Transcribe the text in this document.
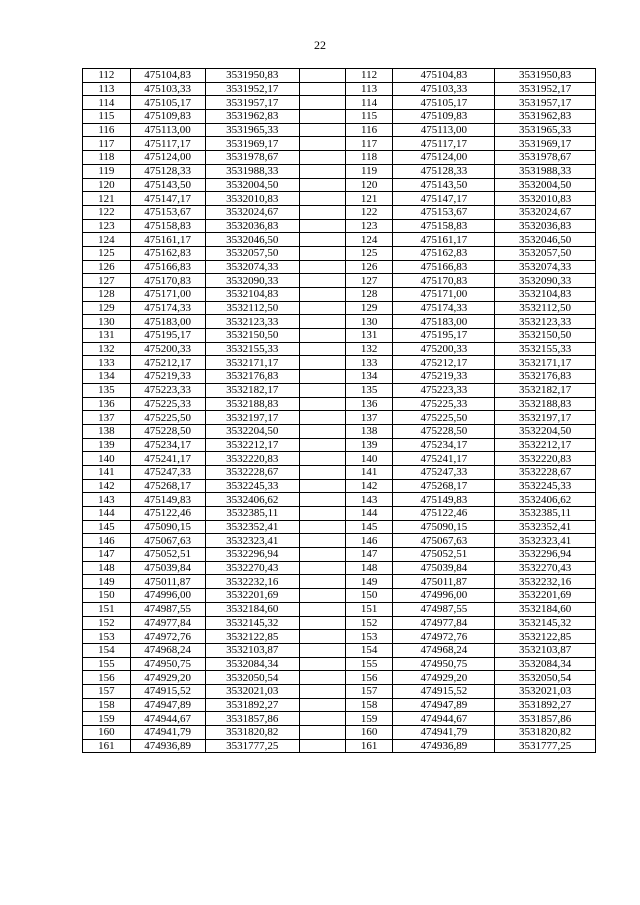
22
112	475104,83	3531950,83		112	475104,83	3531950,83
113	475103,33	3531952,17		113	475103,33	3531952,17
114	475105,17	3531957,17		114	475105,17	3531957,17
115	475109,83	3531962,83		115	475109,83	3531962,83
116	475113,00	3531965,33		116	475113,00	3531965,33
117	475117,17	3531969,17		117	475117,17	3531969,17
118	475124,00	3531978,67		118	475124,00	3531978,67
119	475128,33	3531988,33		119	475128,33	3531988,33
120	475143,50	3532004,50		120	475143,50	3532004,50
121	475147,17	3532010,83		121	475147,17	3532010,83
122	475153,67	3532024,67		122	475153,67	3532024,67
123	475158,83	3532036,83		123	475158,83	3532036,83
124	475161,17	3532046,50		124	475161,17	3532046,50
125	475162,83	3532057,50		125	475162,83	3532057,50
126	475166,83	3532074,33		126	475166,83	3532074,33
127	475170,83	3532090,33		127	475170,83	3532090,33
128	475171,00	3532104,83		128	475171,00	3532104,83
129	475174,33	3532112,50		129	475174,33	3532112,50
130	475183,00	3532123,33		130	475183,00	3532123,33
131	475195,17	3532150,50		131	475195,17	3532150,50
132	475200,33	3532155,33		132	475200,33	3532155,33
133	475212,17	3532171,17		133	475212,17	3532171,17
134	475219,33	3532176,83		134	475219,33	3532176,83
135	475223,33	3532182,17		135	475223,33	3532182,17
136	475225,33	3532188,83		136	475225,33	3532188,83
137	475225,50	3532197,17		137	475225,50	3532197,17
138	475228,50	3532204,50		138	475228,50	3532204,50
139	475234,17	3532212,17		139	475234,17	3532212,17
140	475241,17	3532220,83		140	475241,17	3532220,83
141	475247,33	3532228,67		141	475247,33	3532228,67
142	475268,17	3532245,33		142	475268,17	3532245,33
143	475149,83	3532406,62		143	475149,83	3532406,62
144	475122,46	3532385,11		144	475122,46	3532385,11
145	475090,15	3532352,41		145	475090,15	3532352,41
146	475067,63	3532323,41		146	475067,63	3532323,41
147	475052,51	3532296,94		147	475052,51	3532296,94
148	475039,84	3532270,43		148	475039,84	3532270,43
149	475011,87	3532232,16		149	475011,87	3532232,16
150	474996,00	3532201,69		150	474996,00	3532201,69
151	474987,55	3532184,60		151	474987,55	3532184,60
152	474977,84	3532145,32		152	474977,84	3532145,32
153	474972,76	3532122,85		153	474972,76	3532122,85
154	474968,24	3532103,87		154	474968,24	3532103,87
155	474950,75	3532084,34		155	474950,75	3532084,34
156	474929,20	3532050,54		156	474929,20	3532050,54
157	474915,52	3532021,03		157	474915,52	3532021,03
158	474947,89	3531892,27		158	474947,89	3531892,27
159	474944,67	3531857,86		159	474944,67	3531857,86
160	474941,79	3531820,82		160	474941,79	3531820,82
161	474936,89	3531777,25		161	474936,89	3531777,25
